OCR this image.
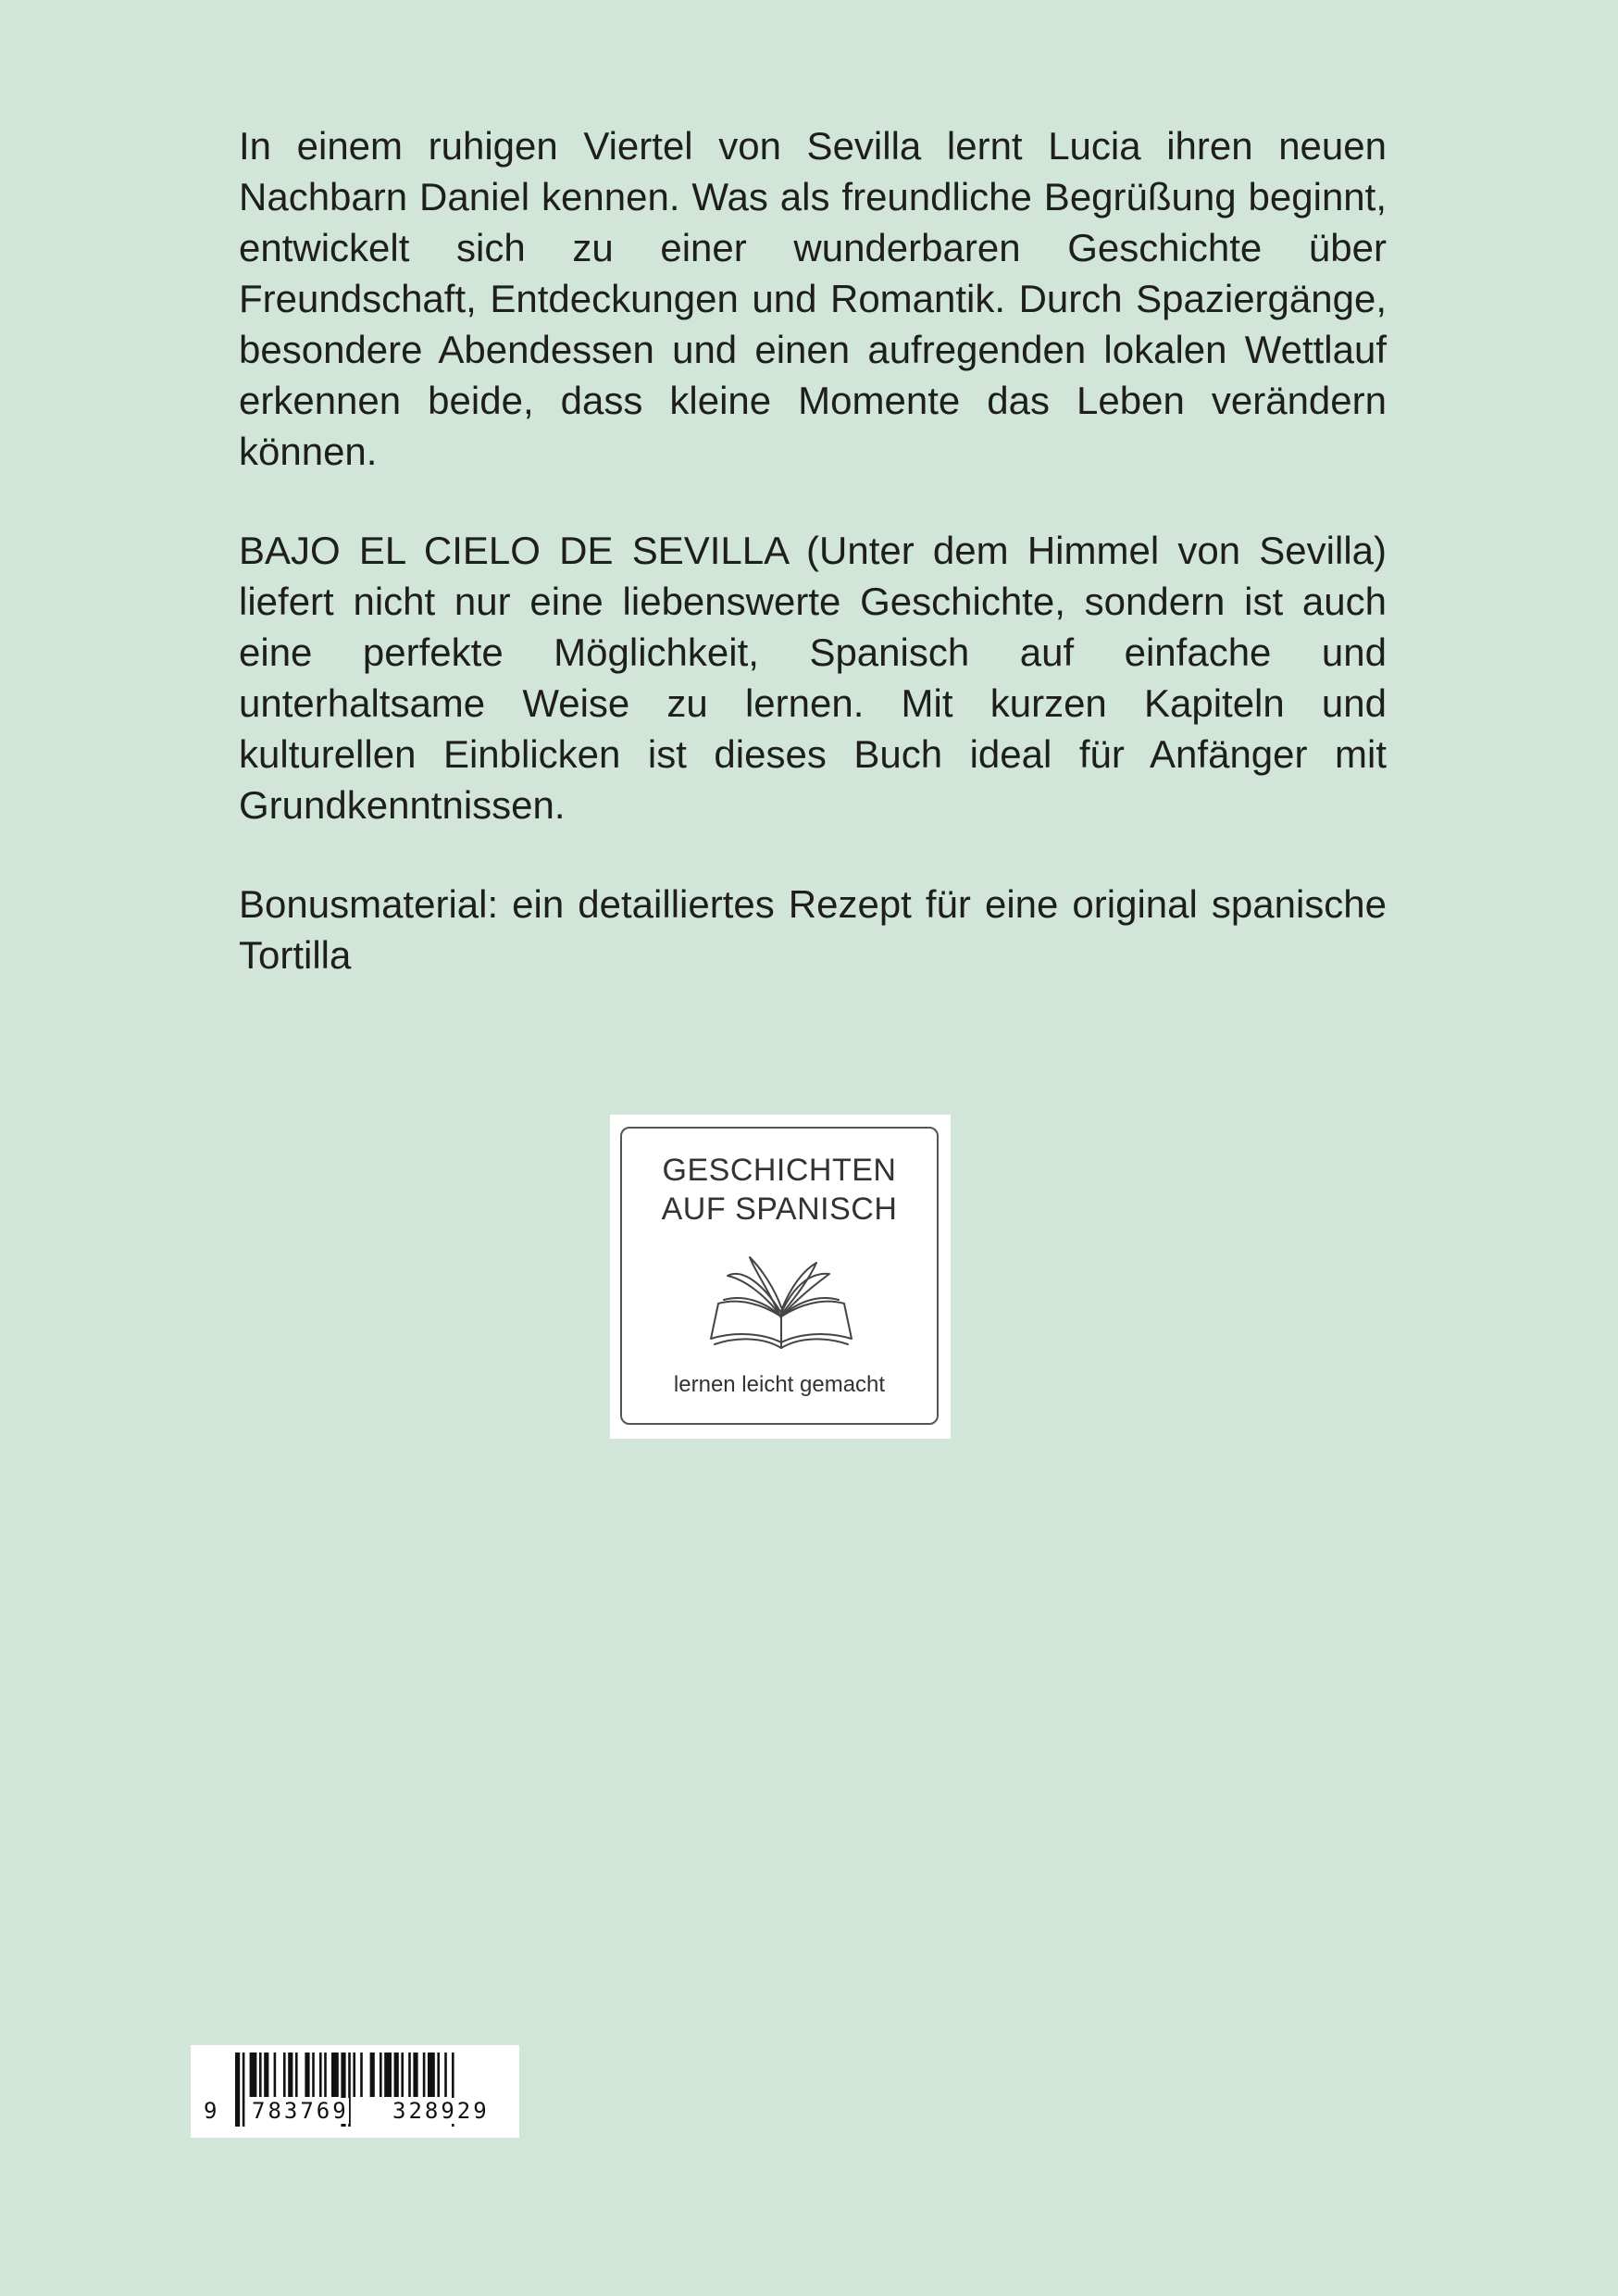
In einem ruhigen Viertel von Sevilla lernt Lucia ihren neuen Nachbarn Daniel kennen. Was als freundliche Begrüßung beginnt, entwickelt sich zu einer wunderbaren Geschichte über Freundschaft, Entdeckungen und Romantik. Durch Spaziergänge, besondere Abendessen und einen aufregenden lokalen Wettlauf erkennen beide, dass kleine Momente das Leben verändern können.

BAJO EL CIELO DE SEVILLA (Unter dem Himmel von Sevilla) liefert nicht nur eine liebenswerte Geschichte, sondern ist auch eine perfekte Möglichkeit, Spanisch auf einfache und unterhaltsame Weise zu lernen. Mit kurzen Kapiteln und kulturellen Einblicken ist dieses Buch ideal für Anfänger mit Grundkenntnissen.

Bonusmaterial: ein detailliertes Rezept für eine original spanische Tortilla

GESCHICHTEN
AUF SPANISCH
lernen leicht gemacht
9 783769 328929
